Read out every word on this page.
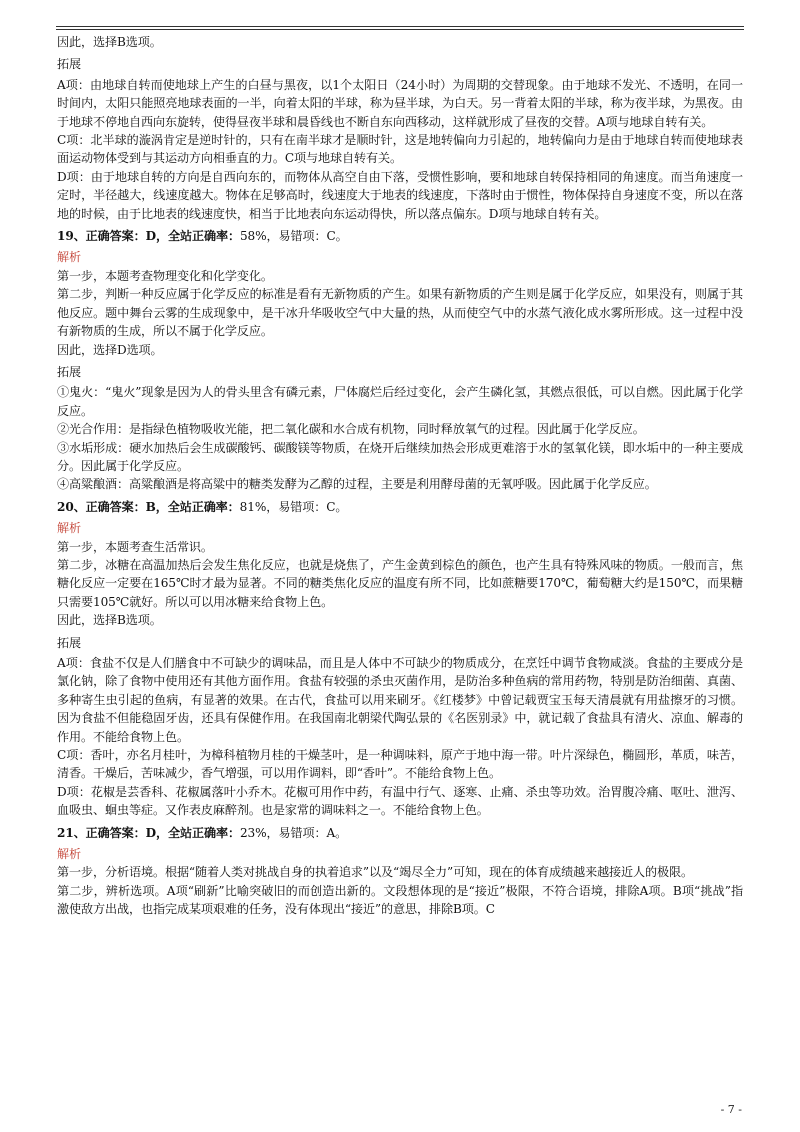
因此，选择B选项。

拓展

A项：由地球自转而使地球上产生的白昼与黑夜，以1个太阳日（24小时）为周期的交替现象。由于地球不发光、不透明，在同一时间内，太阳只能照亮地球表面的一半，向着太阳的半球，称为昼半球，为白天。另一背着太阳的半球，称为夜半球，为黑夜。由于地球不停地自西向东旋转，使得昼夜半球和晨昏线也不断自东向西移动，这样就形成了昼夜的交替。A项与地球自转有关。

C项：北半球的漩涡肯定是逆时针的，只有在南半球才是顺时针，这是地转偏向力引起的，地转偏向力是由于地球自转而使地球表面运动物体受到与其运动方向相垂直的力。C项与地球自转有关。

D项：由于地球自转的方向是自西向东的，而物体从高空自由下落，受惯性影响，要和地球自转保持相同的角速度。而当角速度一定时，半径越大，线速度越大。物体在足够高时，线速度大于地表的线速度，下落时由于惯性，物体保持自身速度不变，所以在落地的时候，由于比地表的线速度快，相当于比地表向东运动得快，所以落点偏东。D项与地球自转有关。

19、正确答案：D，全站正确率：58%，易错项：C。

解析

第一步，本题考查物理变化和化学变化。

第二步，判断一种反应属于化学反应的标准是看有无新物质的产生。如果有新物质的产生则是属于化学反应，如果没有，则属于其他反应。题中舞台云雾的生成现象中，是干冰升华吸收空气中大量的热，从而使空气中的水蒸气液化成水雾所形成。这一过程中没有新物质的生成，所以不属于化学反应。

因此，选择D选项。

拓展

①鬼火：“鬼火”现象是因为人的骨头里含有磷元素，尸体腐烂后经过变化，会产生磷化氢，其燃点很低，可以自燃。因此属于化学反应。

②光合作用：是指绿色植物吸收光能，把二氧化碳和水合成有机物，同时释放氧气的过程。因此属于化学反应。

③水垢形成：硬水加热后会生成碳酸钙、碳酸镁等物质，在烧开后继续加热会形成更难溶于水的氢氧化镁，即水垢中的一种主要成分。因此属于化学反应。

④高粱酿酒：高粱酿酒是将高粱中的糖类发酵为乙醇的过程，主要是利用酵母菌的无氧呼吸。因此属于化学反应。

20、正确答案：B，全站正确率：81%，易错项：C。

解析

第一步，本题考查生活常识。

第二步，冰糖在高温加热后会发生焦化反应，也就是烧焦了，产生金黄到棕色的颜色，也产生具有特殊风味的物质。一般而言，焦糖化反应一定要在165℃时才最为显著。不同的糖类焦化反应的温度有所不同，比如蔗糖要170℃，葡萄糖大约是150℃，而果糖只需要105℃就好。所以可以用冰糖来给食物上色。

因此，选择B选项。

拓展

A项：食盐不仅是人们膳食中不可缺少的调味品，而且是人体中不可缺少的物质成分，在烹饪中调节食物咸淡。食盐的主要成分是氯化钠，除了食物中使用还有其他方面作用。食盐有较强的杀虫灭菌作用，是防治多种鱼病的常用药物，特别是防治细菌、真菌、多种寄生虫引起的鱼病，有显著的效果。在古代，食盐可以用来刷牙。《红楼梦》中曾记载贾宝玉每天清晨就有用盐擦牙的习惯。因为食盐不但能稳固牙齿，还具有保健作用。在我国南北朝梁代陶弘景的《名医别录》中，就记载了食盐具有清火、凉血、解毒的作用。不能给食物上色。

C项：香叶，亦名月桂叶，为樟科植物月桂的干燥茎叶，是一种调味料，原产于地中海一带。叶片深绿色，椭圆形，革质，味苦，清香。干燥后，苦味减少，香气增强，可以用作调料，即“香叶”。不能给食物上色。

D项：花椒是芸香科、花椒属落叶小乔木。花椒可用作中药，有温中行气、逐寒、止痛、杀虫等功效。治胃腹冷痛、呕吐、泄泻、血吸虫、蛔虫等症。又作表皮麻醉剂。也是家常的调味料之一。不能给食物上色。

21、正确答案：D，全站正确率：23%，易错项：A。

解析

第一步，分析语境。根据“随着人类对挑战自身的执着追求”以及“竭尽全力”可知，现在的体育成绩越来越接近人的极限。

第二步，辨析选项。A项“刷新”比喻突破旧的而创造出新的。文段想体现的是“接近”极限，不符合语境，排除A项。B项“挑战”指激使敌方出战，也指完成某项艰难的任务，没有体现出“接近”的意思，排除B项。C

- 7 -
